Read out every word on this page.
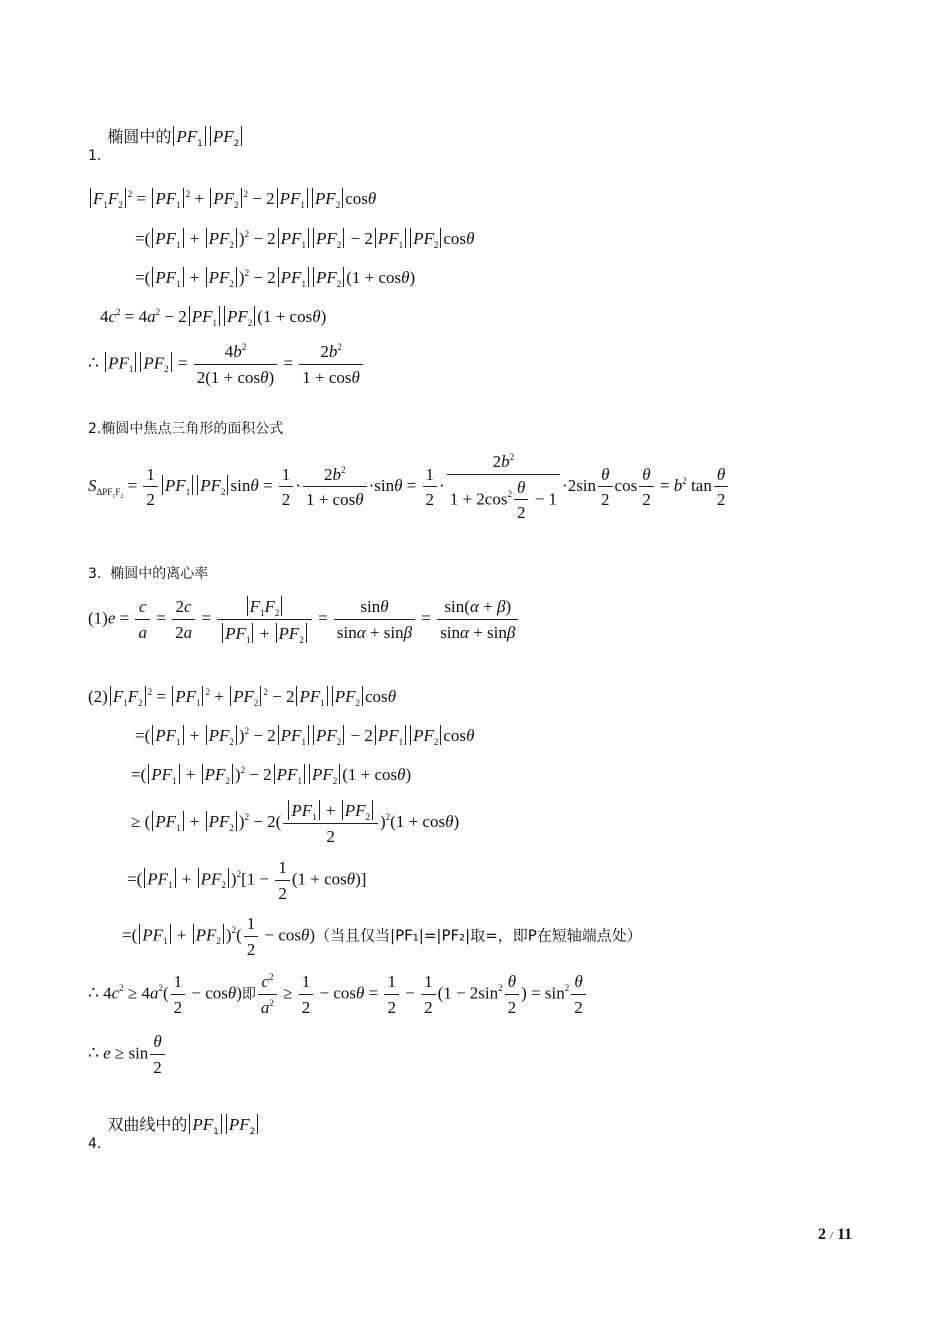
1. 椭圆中的 $PF_1$ $PF_2$
$F_1F_2^2 = PF_1^2 + PF_2^2 - 2$ $PF_1$ $PF_2$ cosθ
=( $PF_1 + PF_2$ )$^2$ − 2 $PF_1$ $PF_2 - 2$ $PF_1$ $PF_2$ cosθ
=( $PF_1 + PF_2$ )$^2$ − 2 $PF_1$ $PF_2$ (1 + cosθ)
$4c^2 = 4a^2 - 2$ $PF_1$ $PF_2$ (1 + cosθ)
∴ $PF_1$ $PF_2 = \frac{4b^2}{2(1 + \cos\theta)} = \frac{2b^2}{1 + \cos\theta}$
2.椭圆中焦点三角形的面积公式
$S_{\Delta PF_1F_2} = \frac{1}{2} PF_1$ $PF_2$ $\sin\theta = \frac{1}{2} \cdot \frac{2b^2}{1 + \cos\theta} \cdot\sin\theta = \frac{1}{2} \cdot \frac{2b^2}{1 + 2\cos^2 \frac{\theta}{2} - 1} \cdot 2\sin \frac{\theta}{2}$ $\cos \frac{\theta}{2} = b^2$ $\tan \frac{\theta}{2}$
3. 椭圆中的离心率
$(1)e = \frac{c}{a} = \frac{2c}{2a} = \frac{F_1F_2}{PF_1 + PF_2} = \frac{\sin\theta}{\sin\alpha + \sin\beta} = \frac{\sin(\alpha + \beta)}{\sin\alpha + \sin\beta}$
(2) $F_1F_2^2 = PF_1^2 + PF_2^2 - 2$ $PF_1$ $PF_2$ cosθ
=( $PF_1 + PF_2$ )$^2$ − 2 $PF_1$ $PF_2 - 2$ $PF_1$ $PF_2$ cosθ
=( $PF_1 + PF_2$ )$^2$ − 2 $PF_1$ $PF_2$ (1 + cosθ)
≥ ( $PF_1 + PF_2$ )$^2 - 2( \frac{PF_1 + PF_2}{2} )^2(1 + \cos\theta)$
=( $PF_1 + PF_2$ )$^2[1 - \frac{1}{2} (1 + \cos\theta)]$
=( $PF_1 + PF_2$ )$^2( \frac{1}{2} - \cos\theta)$（当且仅当|PF₁|=|PF₂|取=，即P在短轴端点处）
∴ $4c^2 \ge 4a^2( \frac{1}{2} - \cos\theta)$即 $\frac{c^2}{a^2} \ge \frac{1}{2} - \cos\theta = \frac{1}{2} - \frac{1}{2} (1 - 2\sin^2 \frac{\theta}{2}$ ) = $\sin^2 \frac{\theta}{2}$
∴ $e \ge \sin \frac{\theta}{2}$
4. 双曲线中的 $PF_1$ $PF_2$
2 / 11
